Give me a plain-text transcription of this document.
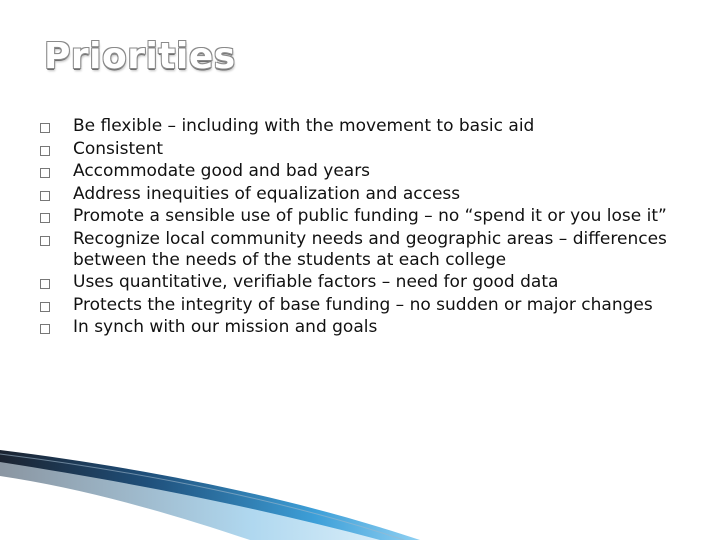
Priorities
Be flexible – including with the movement to basic aid
Consistent
Accommodate good and bad years
Address inequities of equalization and access
Promote a sensible use of public funding – no “spend it or you lose it”
Recognize local community needs and geographic areas – differences between the needs of the students at each college
Uses quantitative, verifiable factors – need for good data
Protects the integrity of base funding – no sudden or major changes
In synch with our mission and goals
